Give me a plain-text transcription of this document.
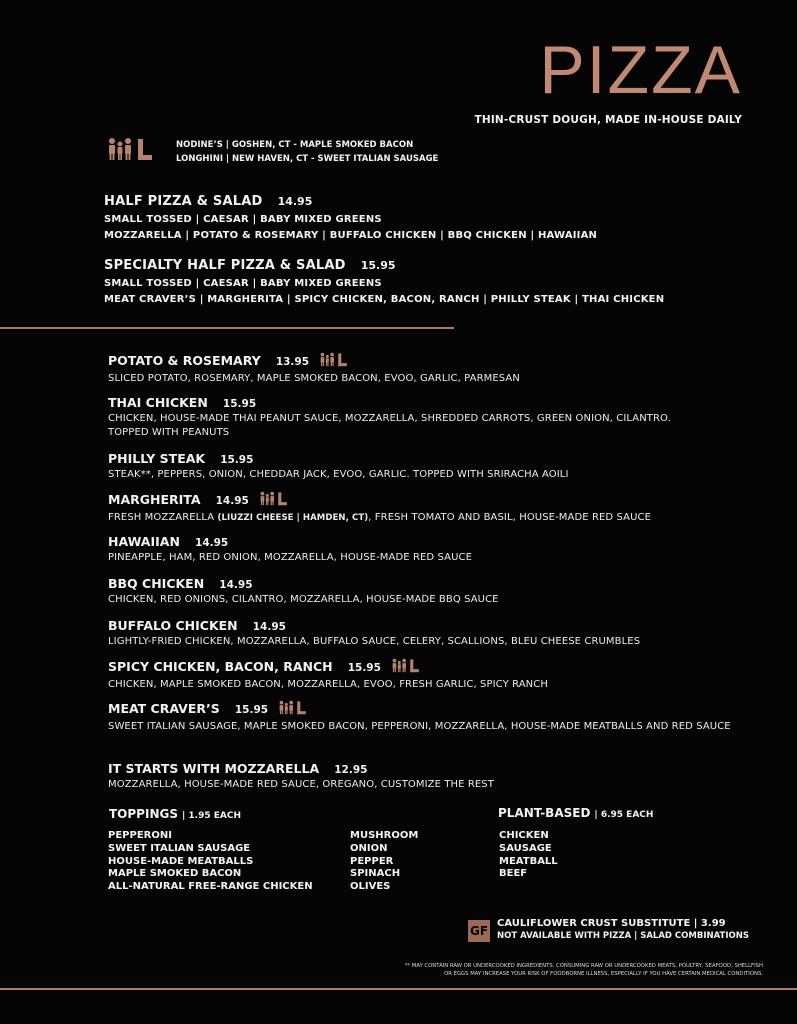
PIZZA
THIN-CRUST DOUGH, MADE IN-HOUSE DAILY
NODINE’S | GOSHEN, CT - MAPLE SMOKED BACON
LONGHINI | NEW HAVEN, CT - SWEET ITALIAN SAUSAGE
HALF PIZZA & SALAD 14.95
SMALL TOSSED | CAESAR | BABY MIXED GREENS
MOZZARELLA | POTATO & ROSEMARY | BUFFALO CHICKEN | BBQ CHICKEN | HAWAIIAN
SPECIALTY HALF PIZZA & SALAD 15.95
SMALL TOSSED | CAESAR | BABY MIXED GREENS
MEAT CRAVER’S | MARGHERITA | SPICY CHICKEN, BACON, RANCH | PHILLY STEAK | THAI CHICKEN
POTATO & ROSEMARY 13.95
SLICED POTATO, ROSEMARY, MAPLE SMOKED BACON, EVOO, GARLIC, PARMESAN
THAI CHICKEN 15.95
CHICKEN, HOUSE-MADE THAI PEANUT SAUCE, MOZZARELLA, SHREDDED CARROTS, GREEN ONION, CILANTRO.
TOPPED WITH PEANUTS
PHILLY STEAK 15.95
STEAK**, PEPPERS, ONION, CHEDDAR JACK, EVOO, GARLIC. TOPPED WITH SRIRACHA AOILI
MARGHERITA 14.95
FRESH MOZZARELLA (LIUZZI CHEESE | HAMDEN, CT), FRESH TOMATO AND BASIL, HOUSE-MADE RED SAUCE
HAWAIIAN 14.95
PINEAPPLE, HAM, RED ONION, MOZZARELLA, HOUSE-MADE RED SAUCE
BBQ CHICKEN 14.95
CHICKEN, RED ONIONS, CILANTRO, MOZZARELLA, HOUSE-MADE BBQ SAUCE
BUFFALO CHICKEN 14.95
LIGHTLY-FRIED CHICKEN, MOZZARELLA, BUFFALO SAUCE, CELERY, SCALLIONS, BLEU CHEESE CRUMBLES
SPICY CHICKEN, BACON, RANCH 15.95
CHICKEN, MAPLE SMOKED BACON, MOZZARELLA, EVOO, FRESH GARLIC, SPICY RANCH
MEAT CRAVER’S 15.95
SWEET ITALIAN SAUSAGE, MAPLE SMOKED BACON, PEPPERONI, MOZZARELLA, HOUSE-MADE MEATBALLS AND RED SAUCE
IT STARTS WITH MOZZARELLA 12.95
MOZZARELLA, HOUSE-MADE RED SAUCE, OREGANO, CUSTOMIZE THE REST
TOPPINGS | 1.95 EACH
PEPPERONI
SWEET ITALIAN SAUSAGE
HOUSE-MADE MEATBALLS
MAPLE SMOKED BACON
ALL-NATURAL FREE-RANGE CHICKEN
MUSHROOM
ONION
PEPPER
SPINACH
OLIVES
PLANT-BASED | 6.95 EACH
CHICKEN
SAUSAGE
MEATBALL
BEEF
GF
CAULIFLOWER CRUST SUBSTITUTE | 3.99
NOT AVAILABLE WITH PIZZA | SALAD COMBINATIONS
** MAY CONTAIN RAW OR UNDERCOOKED INGREDIENTS. CONSUMING RAW OR UNDERCOOKED MEATS, POULTRY, SEAFOOD, SHELLFISH
OR EGGS MAY INCREASE YOUR RISK OF FOODBORNE ILLNESS, ESPECIALLY IF YOU HAVE CERTAIN MEDICAL CONDITIONS.
